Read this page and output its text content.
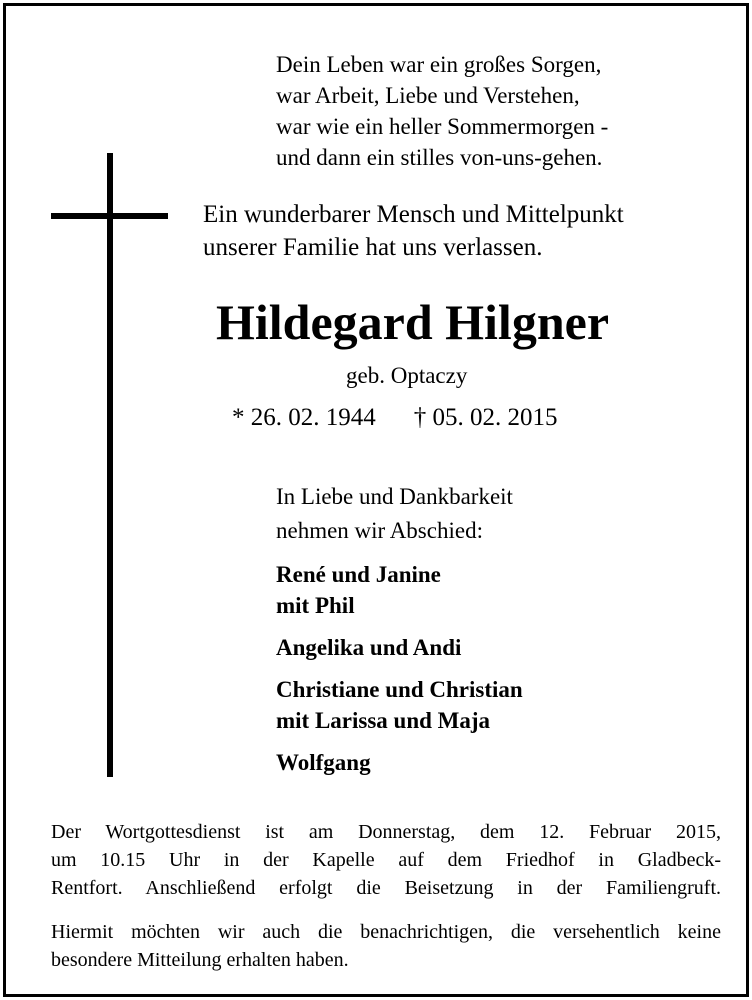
Dein Leben war ein großes Sorgen,
war Arbeit, Liebe und Verstehen,
war wie ein heller Sommermorgen -
und dann ein stilles von-uns-gehen.
Ein wunderbarer Mensch und Mittelpunkt
unserer Familie hat uns verlassen.
Hildegard Hilgner
geb. Optaczy
* 26. 02. 1944 † 05. 02. 2015
In Liebe und Dankbarkeit
nehmen wir Abschied:
René und Janine
mit Phil
Angelika und Andi
Christiane und Christian
mit Larissa und Maja
Wolfgang
Der Wortgottesdienst ist am Donnerstag, dem 12. Februar 2015,
um 10.15 Uhr in der Kapelle auf dem Friedhof in Gladbeck-
Rentfort. Anschließend erfolgt die Beisetzung in der Familiengruft.
Hiermit möchten wir auch die benachrichtigen, die versehentlich keine
besondere Mitteilung erhalten haben.
